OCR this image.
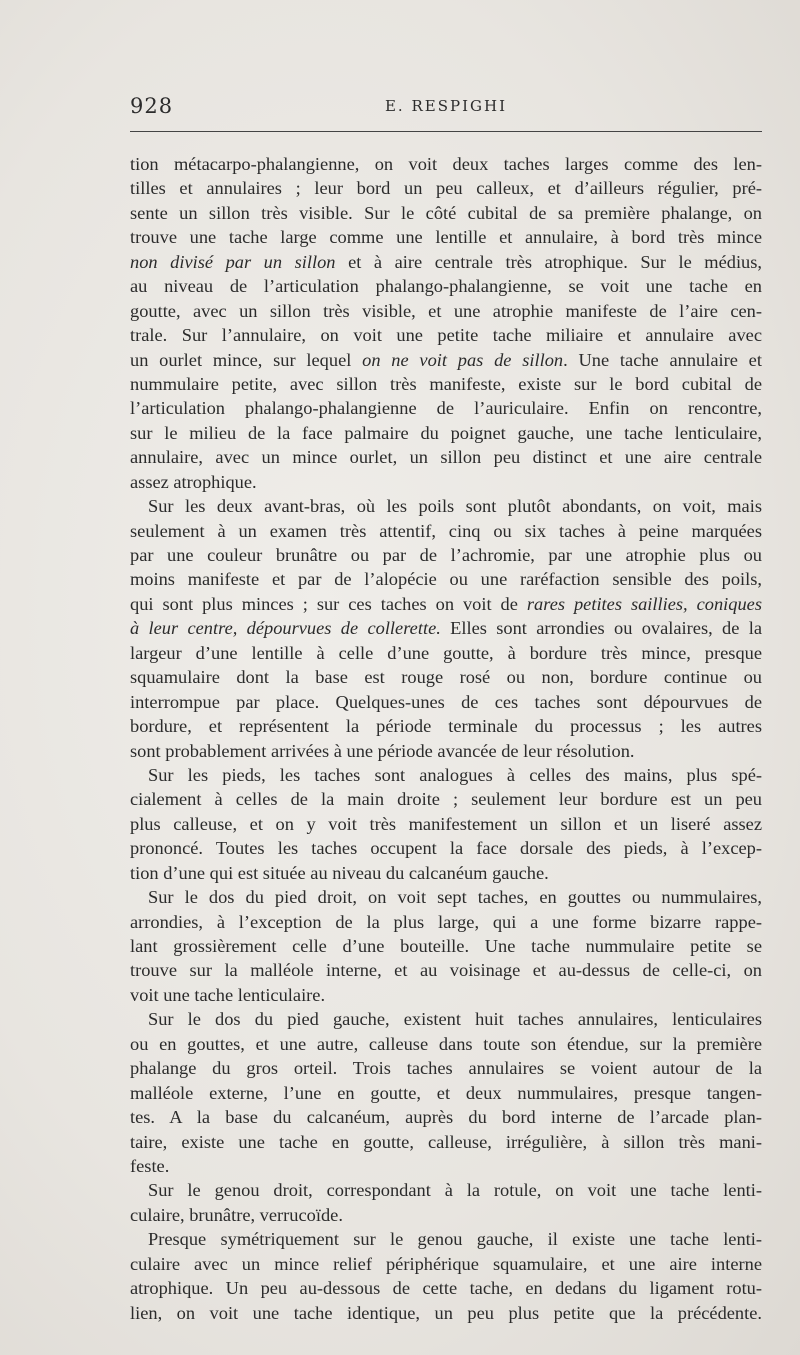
928	E. RESPIGHI
tion métacarpo-phalangienne, on voit deux taches larges comme des len-
tilles et annulaires ; leur bord un peu calleux, et d’ailleurs régulier, pré-
sente un sillon très visible. Sur le côté cubital de sa première phalange, on
trouve une tache large comme une lentille et annulaire, à bord très mince
non divisé par un sillon et à aire centrale très atrophique. Sur le médius,
au niveau de l’articulation phalango-phalangienne, se voit une tache en
goutte, avec un sillon très visible, et une atrophie manifeste de l’aire cen-
trale. Sur l’annulaire, on voit une petite tache miliaire et annulaire avec
un ourlet mince, sur lequel on ne voit pas de sillon. Une tache annulaire et
nummulaire petite, avec sillon très manifeste, existe sur le bord cubital de
l’articulation phalango-phalangienne de l’auriculaire. Enfin on rencontre,
sur le milieu de la face palmaire du poignet gauche, une tache lenticulaire,
annulaire, avec un mince ourlet, un sillon peu distinct et une aire centrale
assez atrophique.
Sur les deux avant-bras, où les poils sont plutôt abondants, on voit, mais
seulement à un examen très attentif, cinq ou six taches à peine marquées
par une couleur brunâtre ou par de l’achromie, par une atrophie plus ou
moins manifeste et par de l’alopécie ou une raréfaction sensible des poils,
qui sont plus minces ; sur ces taches on voit de rares petites saillies, coniques
à leur centre, dépourvues de collerette. Elles sont arrondies ou ovalaires, de la
largeur d’une lentille à celle d’une goutte, à bordure très mince, presque
squamulaire dont la base est rouge rosé ou non, bordure continue ou
interrompue par place. Quelques-unes de ces taches sont dépourvues de
bordure, et représentent la période terminale du processus ; les autres
sont probablement arrivées à une période avancée de leur résolution.
Sur les pieds, les taches sont analogues à celles des mains, plus spé-
cialement à celles de la main droite ; seulement leur bordure est un peu
plus calleuse, et on y voit très manifestement un sillon et un liseré assez
prononcé. Toutes les taches occupent la face dorsale des pieds, à l’excep-
tion d’une qui est située au niveau du calcanéum gauche.
Sur le dos du pied droit, on voit sept taches, en gouttes ou nummulaires,
arrondies, à l’exception de la plus large, qui a une forme bizarre rappe-
lant grossièrement celle d’une bouteille. Une tache nummulaire petite se
trouve sur la malléole interne, et au voisinage et au-dessus de celle-ci, on
voit une tache lenticulaire.
Sur le dos du pied gauche, existent huit taches annulaires, lenticulaires
ou en gouttes, et une autre, calleuse dans toute son étendue, sur la première
phalange du gros orteil. Trois taches annulaires se voient autour de la
malléole externe, l’une en goutte, et deux nummulaires, presque tangen-
tes. A la base du calcanéum, auprès du bord interne de l’arcade plan-
taire, existe une tache en goutte, calleuse, irrégulière, à sillon très mani-
feste.
Sur le genou droit, correspondant à la rotule, on voit une tache lenti-
culaire, brunâtre, verrucoïde.
Presque symétriquement sur le genou gauche, il existe une tache lenti-
culaire avec un mince relief périphérique squamulaire, et une aire interne
atrophique. Un peu au-dessous de cette tache, en dedans du ligament rotu-
lien, on voit une tache identique, un peu plus petite que la précédente.
